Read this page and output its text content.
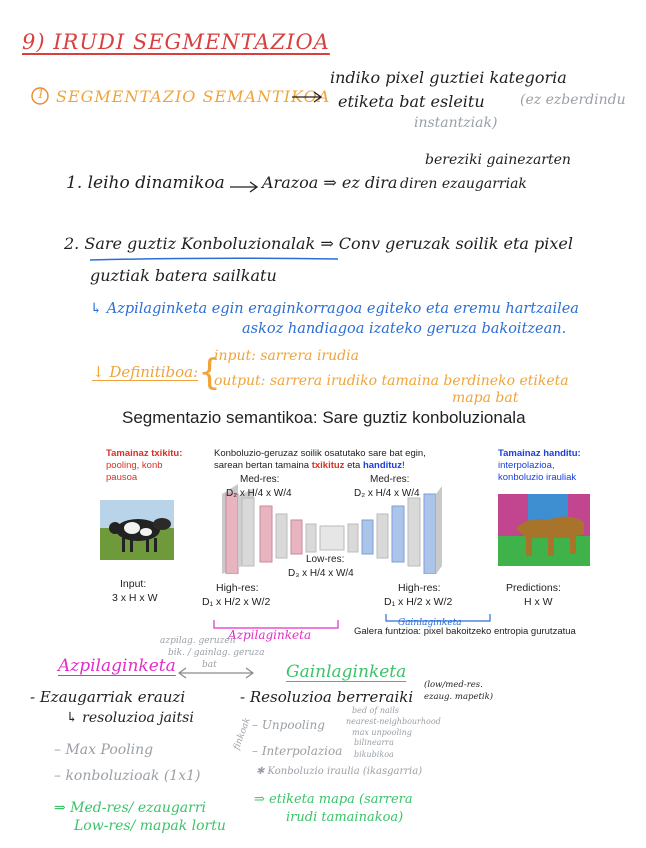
9) IRUDI SEGMENTAZIOA
1 SEGMENTAZIO SEMANTIKOA
indiko pixel guztiei kategoria
etiketa bat esleitu	(ez ezberdindu
instantziak)
1. leiho dinamikoa Arazoa ⇒ ez dira
bereziki gainezarten
diren ezaugarriak
2. Sare guztiz Konboluzionalak ⇒ Conv geruzak soilik eta pixel
guztiak batera sailkatu
↳ Azpilaginketa egin eraginkorragoa egiteko eta eremu hartzailea
askoz handiagoa izateko geruza bakoitzean.
↓ Definitiboa: {
input: sarrera irudia
output: sarrera irudiko tamaina berdineko etiketa
mapa bat
Segmentazio semantikoa: Sare guztiz konboluzionala
Tamainaz txikitu:
pooling, konb
pausoa
Konboluzio-geruzaz soilik osatutako sare bat egin,
sarean bertan tamaina txikituz eta handituz!
Tamainaz handitu:
interpolazioa,
konboluzio irauliak
Med-res:
D₂ x H/4 x W/4
Med-res:
D₂ x H/4 x W/4
Low-res:
D₃ x H/4 x W/4
Input:
3 x H x W
High-res:
D₁ x H/2 x W/2
High-res:
D₁ x H/2 x W/2
Predictions:
H x W
Galera funtzioa: pixel bakoitzeko entropia gurutzatua
Azpilaginketa
Gainlaginketa
azpilag. geruzen
bik. / gainlag. geruza
bat
Azpilaginketa
- Ezaugarriak erauzi
↳ resoluzioa jaitsi
– Max Pooling
– konboluzioak (1x1)
⇒ Med-res/ ezaugarri
Low-res/ mapak lortu
Gainlaginketa
- Resoluzioa berreraiki
(low/med-res.
ezaug. mapetik)
finkoak – Unpooling
bed of nails
nearest-neighbourhood
max unpooling
– Interpolazioa
bilinearra
bikubikoa
✱ Konboluzio iraulia (ikasgarria)
⇒ etiketa mapa (sarrera
irudi tamainakoa)
